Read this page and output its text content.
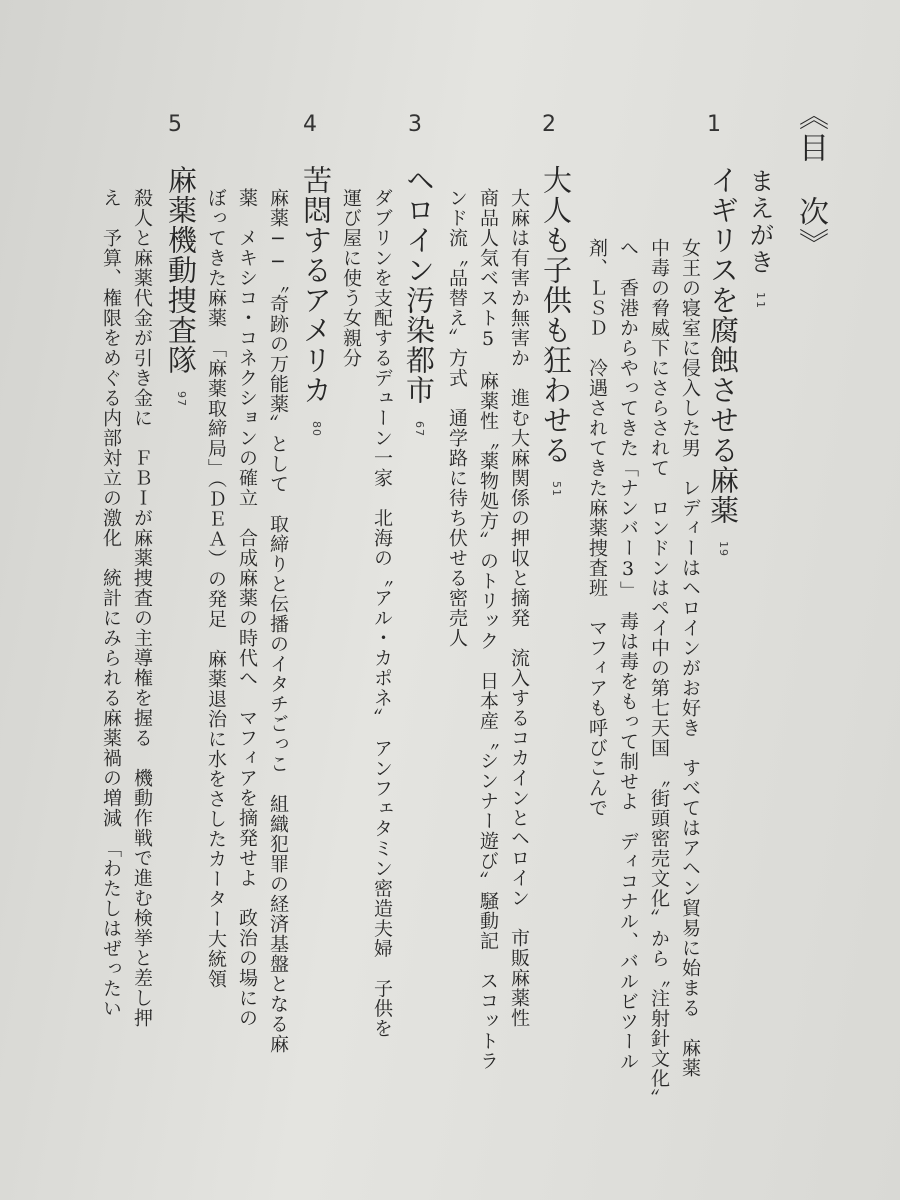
《目　次》
まえがき11
1
イギリスを腐蝕させる麻薬19
女王の寝室に侵入した男　レディーはヘロインがお好き　すべてはアヘン貿易に始まる　麻薬
中毒の脅威下にさらされて　ロンドンはペイ中の第七天国　〝街頭密売文化〟から〝注射針文化〟
へ　香港からやってきた「ナンバー3」　毒は毒をもって制せよ　ディコナル、バルビツール
剤、ＬＳＤ　冷遇されてきた麻薬捜査班　マフィアも呼びこんで
2
大人も子供も狂わせる51
大麻は有害か無害か　進む大麻関係の押収と摘発　流入するコカインとヘロイン　市販麻薬性
商品人気ベスト5　麻薬性〝薬物処方〟のトリック　日本産〝シンナー遊び〟騒動記　スコットラ
ンド流〝品替え〟方式　通学路に待ち伏せる密売人
3
ヘロイン汚染都市67
ダブリンを支配するデューン一家　北海の〝アル・カポネ〟　アンフェタミン密造夫婦　子供を
運び屋に使う女親分
4
苦悶するアメリカ80
麻薬──〝奇跡の万能薬〟として　取締りと伝播のイタチごっこ　組織犯罪の経済基盤となる麻
薬　メキシコ・コネクションの確立　合成麻薬の時代へ　マフィアを摘発せよ　政治の場にの
ぼってきた麻薬　「麻薬取締局」（ＤＥＡ）の発足　麻薬退治に水をさしたカーター大統領
5
麻薬機動捜査隊97
殺人と麻薬代金が引き金に　ＦＢＩが麻薬捜査の主導権を握る　機動作戦で進む検挙と差し押
え　予算、権限をめぐる内部対立の激化　統計にみられる麻薬禍の増減　「わたしはぜったい
